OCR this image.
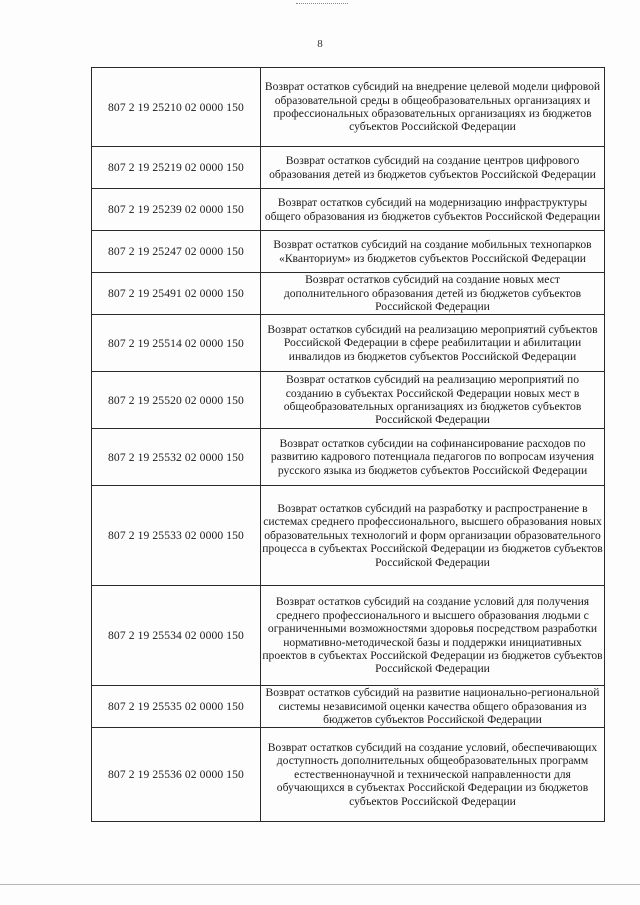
8
807 2 19 25210 02 0000 150	Возврат остатков субсидий на внедрение целевой модели цифровой образовательной среды в общеобразовательных организациях и профессиональных образовательных организациях из бюджетов субъектов Российской Федерации
807 2 19 25219 02 0000 150	Возврат остатков субсидий на создание центров цифрового образования детей из бюджетов субъектов Российской Федерации
807 2 19 25239 02 0000 150	Возврат остатков субсидий на модернизацию инфраструктуры общего образования из бюджетов субъектов Российской Федерации
807 2 19 25247 02 0000 150	Возврат остатков субсидий на создание мобильных технопарков «Кванториум» из бюджетов субъектов Российской Федерации
807 2 19 25491 02 0000 150	Возврат остатков субсидий на создание новых мест дополнительного образования детей из бюджетов субъектов Российской Федерации
807 2 19 25514 02 0000 150	Возврат остатков субсидий на реализацию мероприятий субъектов Российской Федерации в сфере реабилитации и абилитации инвалидов из бюджетов субъектов Российской Федерации
807 2 19 25520 02 0000 150	Возврат остатков субсидий на реализацию мероприятий по созданию в субъектах Российской Федерации новых мест в общеобразовательных организациях из бюджетов субъектов Российской Федерации
807 2 19 25532 02 0000 150	Возврат остатков субсидии на софинансирование расходов по развитию кадрового потенциала педагогов по вопросам изучения русского языка из бюджетов субъектов Российской Федерации
807 2 19 25533 02 0000 150	Возврат остатков субсидий на разработку и распространение в системах среднего профессионального, высшего образования новых образовательных технологий и форм организации образовательного процесса в субъектах Российской Федерации из бюджетов субъектов Российской Федерации
807 2 19 25534 02 0000 150	Возврат остатков субсидий на создание условий для получения среднего профессионального и высшего образования людьми с ограниченными возможностями здоровья посредством разработки нормативно-методической базы и поддержки инициативных проектов в субъектах Российской Федерации из бюджетов субъектов Российской Федерации
807 2 19 25535 02 0000 150	Возврат остатков субсидий на развитие национально-региональной системы независимой оценки качества общего образования из бюджетов субъектов Российской Федерации
807 2 19 25536 02 0000 150	Возврат остатков субсидий на создание условий, обеспечивающих доступность дополнительных общеобразовательных программ естественнонаучной и технической направленности для обучающихся в субъектах Российской Федерации из бюджетов субъектов Российской Федерации
